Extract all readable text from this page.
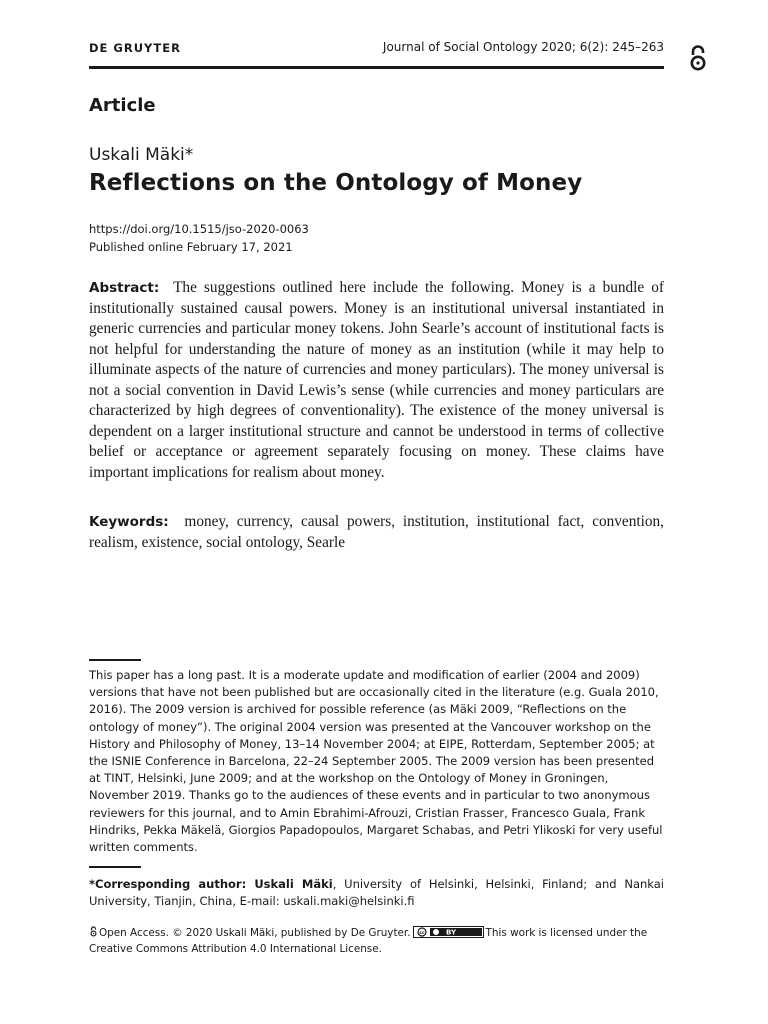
DE GRUYTER	Journal of Social Ontology 2020; 6(2): 245–263
Article
Uskali Mäki*
Reflections on the Ontology of Money
https://doi.org/10.1515/jso-2020-0063
Published online February 17, 2021

Abstract: The suggestions outlined here include the following. Money is a bundle of institutionally sustained causal powers. Money is an institutional universal instantiated in generic currencies and particular money tokens. John Searle’s account of institutional facts is not helpful for understanding the nature of money as an institution (while it may help to illuminate aspects of the nature of currencies and money particulars). The money universal is not a social convention in David Lewis’s sense (while currencies and money particulars are characterized by high degrees of conventionality). The existence of the money universal is dependent on a larger institutional structure and cannot be understood in terms of collective belief or acceptance or agreement separately focusing on money. These claims have important implications for realism about money.

Keywords: money, currency, causal powers, institution, institutional fact, convention, realism, existence, social ontology, Searle

This paper has a long past. It is a moderate update and modification of earlier (2004 and 2009) versions that have not been published but are occasionally cited in the literature (e.g. Guala 2010, 2016). The 2009 version is archived for possible reference (as Mäki 2009, “Reflections on the ontology of money”). The original 2004 version was presented at the Vancouver workshop on the History and Philosophy of Money, 13–14 November 2004; at EIPE, Rotterdam, September 2005; at the ISNIE Conference in Barcelona, 22–24 September 2005. The 2009 version has been presented at TINT, Helsinki, June 2009; and at the workshop on the Ontology of Money in Groningen, November 2019. Thanks go to the audiences of these events and in particular to two anonymous reviewers for this journal, and to Amin Ebrahimi-Afrouzi, Cristian Frasser, Francesco Guala, Frank Hindriks, Pekka Mäkelä, Giorgios Papadopoulos, Margaret Schabas, and Petri Ylikoski for very useful written comments.

*Corresponding author: Uskali Mäki, University of Helsinki, Helsinki, Finland; and Nankai University, Tianjin, China, E-mail: uskali.maki@helsinki.fi

Open Access. © 2020 Uskali Mäki, published by De Gruyter. cc	BY	This work is licensed under the Creative Commons Attribution 4.0 International License.
